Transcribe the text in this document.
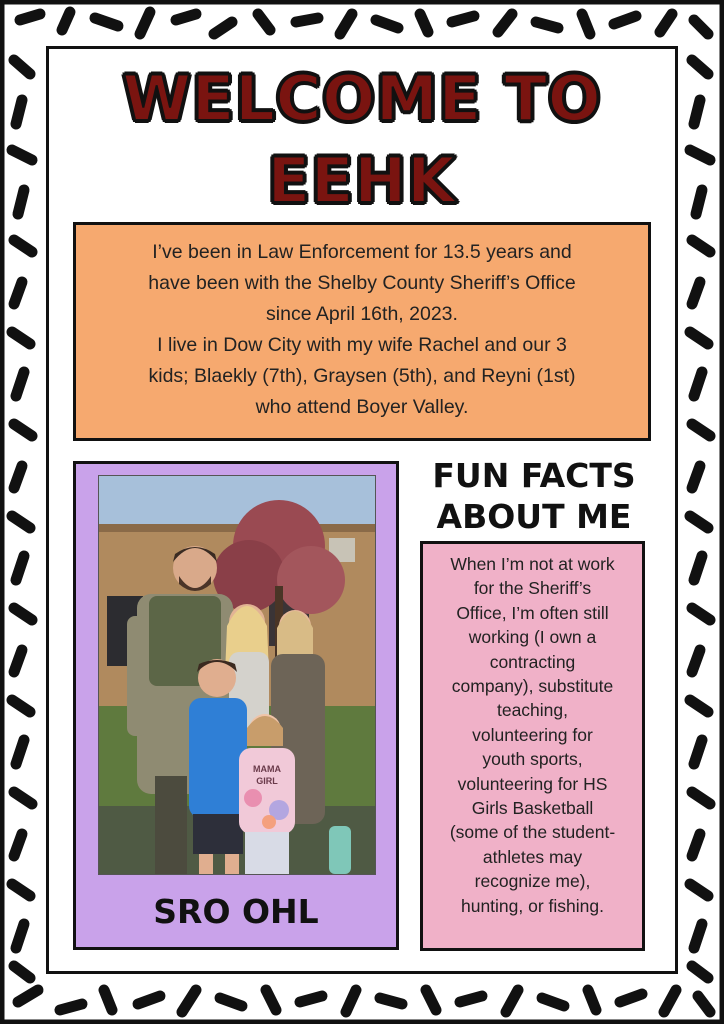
WELCOME TO
EEHK
I’ve been in Law Enforcement for 13.5 years and
have been with the Shelby County Sheriff’s Office
since April 16th, 2023.
I live in Dow City with my wife Rachel and our 3
kids; Blaekly (7th), Graysen (5th), and Reyni (1st)
who attend Boyer Valley.
MAMA
GIRL
SRO OHL
FUN FACTS
ABOUT ME
When I’m not at work
for the Sheriff’s
Office, I’m often still
working (I own a
contracting
company), substitute
teaching,
volunteering for
youth sports,
volunteering for HS
Girls Basketball
(some of the student-
athletes may
recognize me),
hunting, or fishing.
